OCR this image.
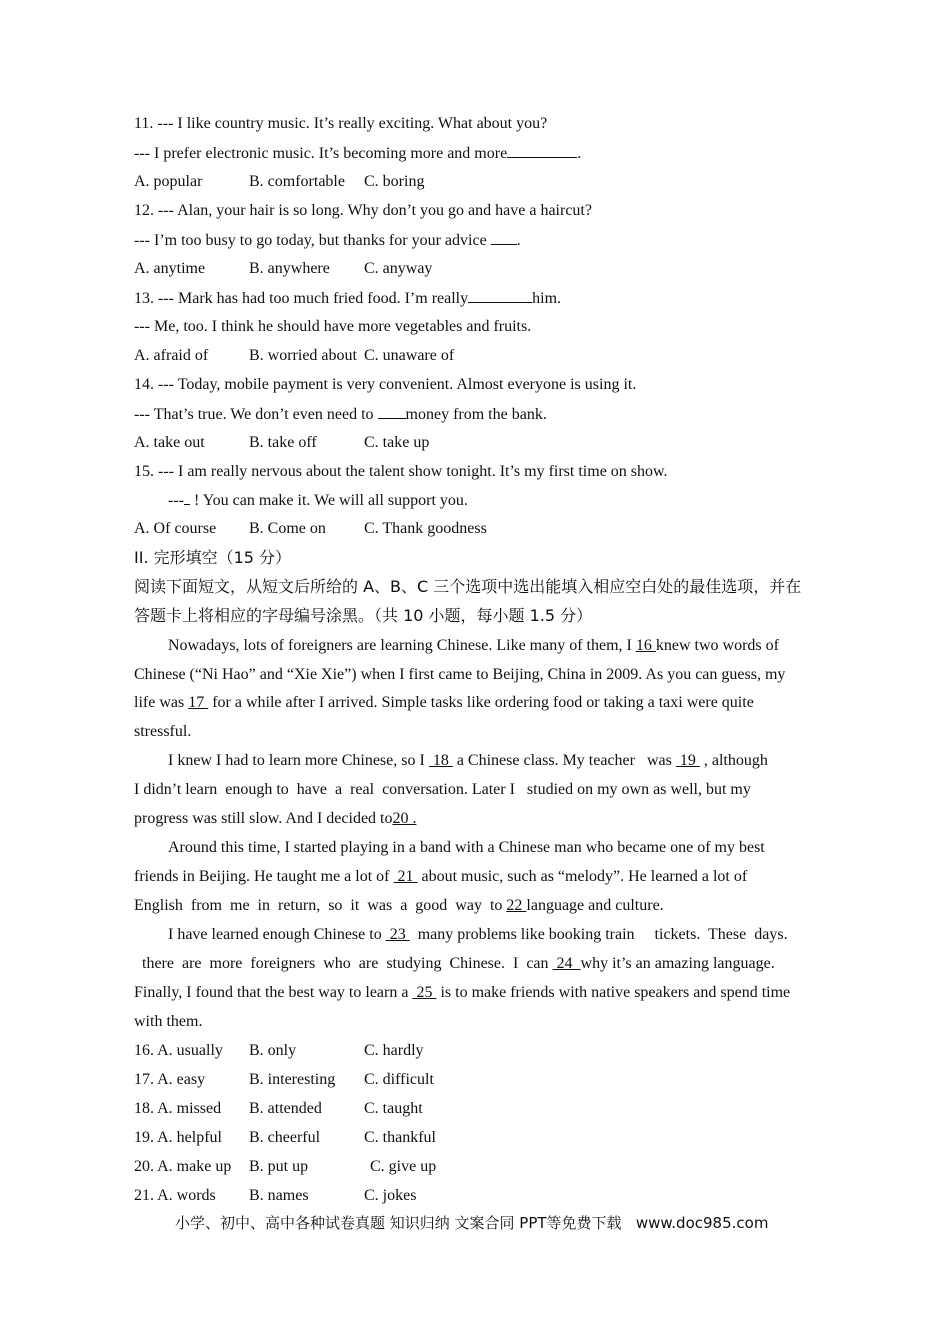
11. --- I like country music. It’s really exciting. What about you?
--- I prefer electronic music. It’s becoming more and more	.
A. popular	B. comfortable C. boring
12. --- Alan, your hair is so long. Why don’t you go and have a haircut?
--- I’m too busy to go today, but thanks for your advice .
A. anytime	B. anywhere C. anyway
13. --- Mark has had too much fried food. I’m really	him.
--- Me, too. I think he should have more vegetables and fruits.
A. afraid of	B. worried about C. unaware of
14. --- Today, mobile payment is very convenient. Almost everyone is using it.
--- That’s true. We don’t even need to money from the bank.
A. take out	B. take off	C. take up
15. --- I am really nervous about the talent show tonight. It’s my first time on show.
--- ! You can make it. We will all support you.
A. Of course B. Come on C. Thank goodness
II. 完形填空（15 分）
阅读下面短文，从短文后所给的 A、B、C 三个选项中选出能填入相应空白处的最佳选项，并在
答题卡上将相应的字母编号涂黑。（共 10 小题，每小题 1.5 分）
Nowadays, lots of foreigners are learning Chinese. Like many of them, I 16 knew two words of
Chinese (“Ni Hao” and “Xie Xie”) when I first came to Beijing, China in 2009. As you can guess, my
life was 17  for a while after I arrived. Simple tasks like ordering food or taking a taxi were quite
stressful.
I knew I had to learn more Chinese, so I  18  a Chinese class. My teacher   was  19  , although
I didn’t learn  enough to  have  a  real  conversation. Later I   studied on my own as well, but my
progress was still slow. And I decided to20 .
Around this time, I started playing in a band with a Chinese man who became one of my best
friends in Beijing. He taught me a lot of  21  about music, such as “melody”. He learned a lot of
English  from  me  in  return,  so  it  was  a  good  way  to 22 language and culture.
I have learned enough Chinese to  23   many problems like booking train     tickets.  These  days.
there  are  more  foreigners  who  are  studying  Chinese.  I  can  24  why it’s an amazing language.
Finally, I found that the best way to learn a  25  is to make friends with native speakers and spend time
with them.
16. A. usually B. only	C. hardly
17. A. easy	B. interesting C. difficult
18. A. missed B. attended	C. taught
19. A. helpful B. cheerful	C. thankful
20. A. make up B. put up	C. give up
21. A. words B. names	C. jokes
小学、初中、高中各种试卷真题 知识归纳 文案合同 PPT等免费下载   www.doc985.com
